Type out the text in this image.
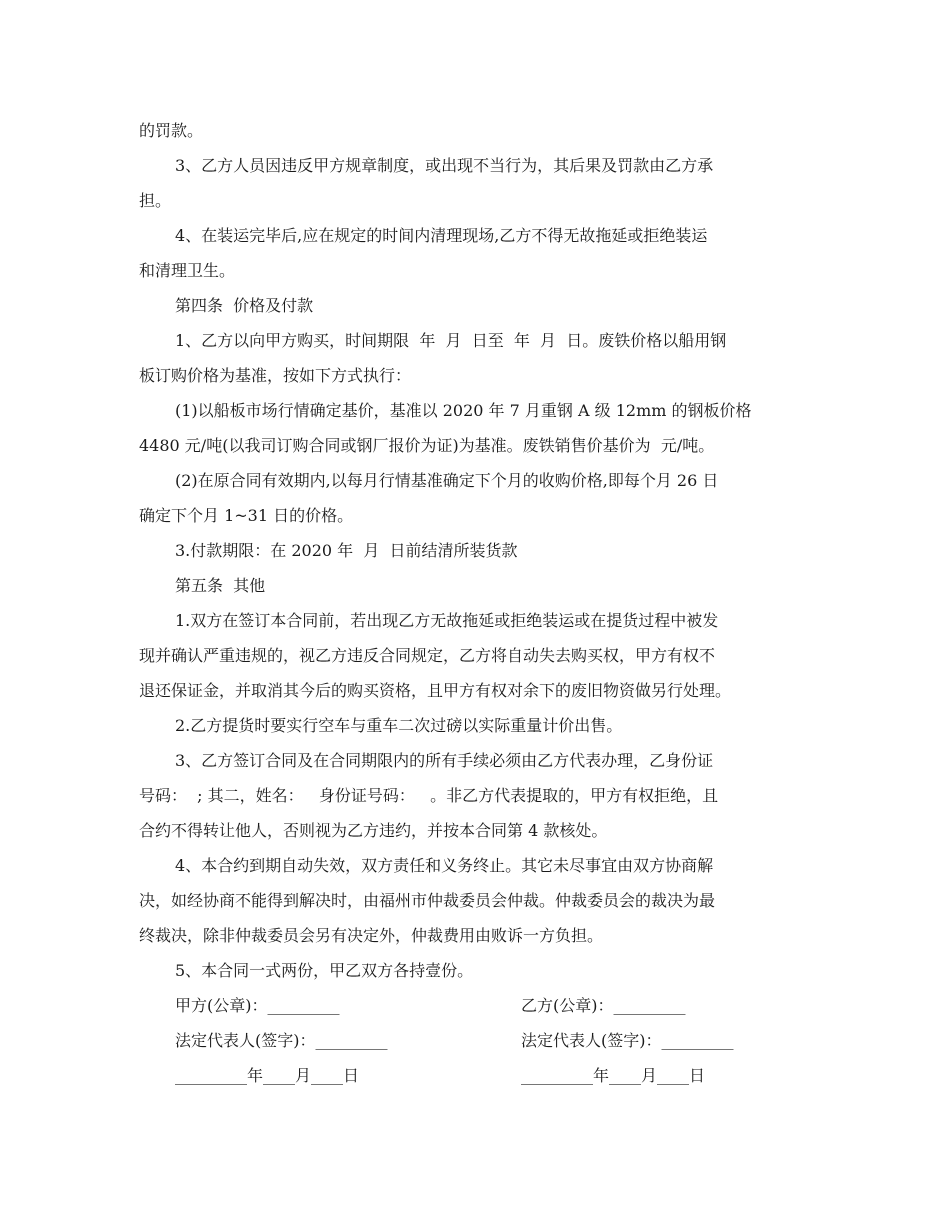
的罚款。
3、乙方人员因违反甲方规章制度，或出现不当行为，其后果及罚款由乙方承
担。
4、在装运完毕后,应在规定的时间内清理现场,乙方不得无故拖延或拒绝装运
和清理卫生。
第四条  价格及付款
1、乙方以向甲方购买，时间期限  年  月  日至  年  月  日。废铁价格以船用钢
板订购价格为基准，按如下方式执行：
(1)以船板市场行情确定基价，基准以 2020 年 7 月重钢 A 级 12mm 的钢板价格
4480 元/吨(以我司订购合同或钢厂报价为证)为基准。废铁销售价基价为  元/吨。
(2)在原合同有效期内,以每月行情基准确定下个月的收购价格,即每个月 26 日
确定下个月 1~31 日的价格。
3.付款期限：在 2020 年  月  日前结清所装货款
第五条  其他
1.双方在签订本合同前，若出现乙方无故拖延或拒绝装运或在提货过程中被发
现并确认严重违规的，视乙方违反合同规定，乙方将自动失去购买权，甲方有权不
退还保证金，并取消其今后的购买资格，且甲方有权对余下的废旧物资做另行处理。
2.乙方提货时要实行空车与重车二次过磅以实际重量计价出售。
3、乙方签订合同及在合同期限内的所有手续必须由乙方代表办理，乙身份证
号码：  ; 其二，姓名：   身份证号码：   。非乙方代表提取的，甲方有权拒绝，且
合约不得转让他人，否则视为乙方违约，并按本合同第 4 款核处。
4、本合约到期自动失效，双方责任和义务终止。其它未尽事宜由双方协商解
决，如经协商不能得到解决时，由福州市仲裁委员会仲裁。仲裁委员会的裁决为最
终裁决，除非仲裁委员会另有决定外，仲裁费用由败诉一方负担。
5、本合同一式两份，甲乙双方各持壹份。
甲方(公章)：_________	乙方(公章)：_________
法定代表人(签字)：_________	法定代表人(签字)：_________
_________年____月____日	_________年____月____日
